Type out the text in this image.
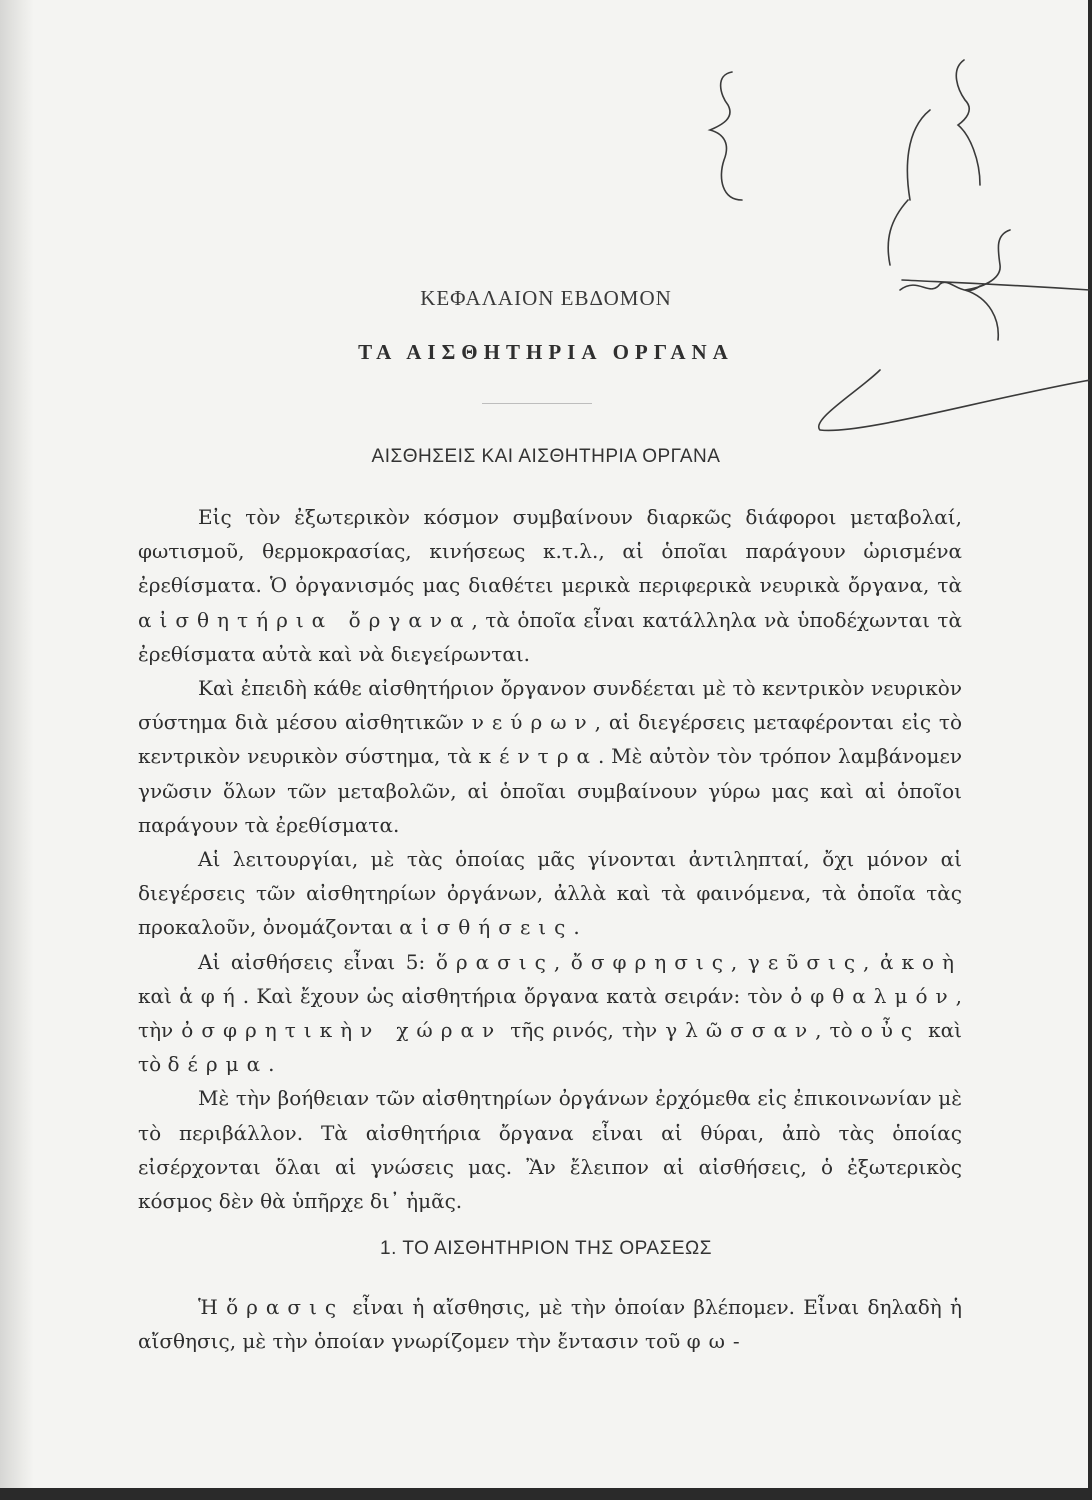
ΚΕΦΑΛΑΙΟΝ ΕΒΔΟΜΟΝ
ΤΑ ΑΙΣΘΗΤΗΡΙΑ ΟΡΓΑΝΑ
ΑΙΣΘΗΣΕΙΣ ΚΑΙ ΑΙΣΘΗΤΗΡΙΑ ΟΡΓΑΝΑ

Εἰς τὸν ἐξωτερικὸν κόσμον συμβαίνουν διαρκῶς διάφοροι μεταβολαί, φωτισμοῦ, θερμοκρασίας, κινήσεως κ.τ.λ., αἱ ὁποῖαι παράγουν ὡρισμένα ἐρεθίσματα. Ὁ ὀργανισμός μας διαθέτει μερικὰ περιφερικὰ νευρικὰ ὄργανα, τὰ αἰσθητήρια ὄργανα, τὰ ὁποῖα εἶναι κατάλληλα νὰ ὑποδέχωνται τὰ ἐρεθίσματα αὐτὰ καὶ νὰ διεγείρωνται.

Καὶ ἐπειδὴ κάθε αἰσθητήριον ὄργανον συνδέεται μὲ τὸ κεντρικὸν νευρικὸν σύστημα διὰ μέσου αἰσθητικῶν νεύρων, αἱ διεγέρσεις μεταφέρονται εἰς τὸ κεντρικὸν νευρικὸν σύστημα, τὰ κέντρα. Μὲ αὐτὸν τὸν τρόπον λαμβάνομεν γνῶσιν ὅλων τῶν μεταβολῶν, αἱ ὁποῖαι συμβαίνουν γύρω μας καὶ αἱ ὁποῖοι παράγουν τὰ ἐρεθίσματα.

Αἱ λειτουργίαι, μὲ τὰς ὁποίας μᾶς γίνονται ἀντιληπταί, ὄχι μόνον αἱ διεγέρσεις τῶν αἰσθητηρίων ὀργάνων, ἀλλὰ καὶ τὰ φαινόμενα, τὰ ὁποῖα τὰς προκαλοῦν, ὀνομάζονται αἰσθήσεις.

Αἱ αἰσθήσεις εἶναι 5: ὅρασις, ὄσφρησις, γεῦσις, ἀκοὴ καὶ ἁφή. Καὶ ἔχουν ὡς αἰσθητήρια ὄργανα κατὰ σειράν: τὸν ὀφθαλμόν, τὴν ὀσφρητικὴν χώραν τῆς ρινός, τὴν γλῶσσαν, τὸ οὖς καὶ τὸ δέρμα.

Μὲ τὴν βοήθειαν τῶν αἰσθητηρίων ὀργάνων ἐρχόμεθα εἰς ἐπικοινωνίαν μὲ τὸ περιβάλλον. Τὰ αἰσθητήρια ὄργανα εἶναι αἱ θύραι, ἀπὸ τὰς ὁποίας εἰσέρχονται ὅλαι αἱ γνώσεις μας. Ἂν ἔλειπον αἱ αἰσθήσεις, ὁ ἐξωτερικὸς κόσμος δὲν θὰ ὑπῆρχε δι᾽ ἡμᾶς.

1. ΤΟ ΑΙΣΘΗΤΗΡΙΟΝ ΤΗΣ ΟΡΑΣΕΩΣ

Ἡ ὅρασις εἶναι ἡ αἴσθησις, μὲ τὴν ὁποίαν βλέπομεν. Εἶναι δηλαδὴ ἡ αἴσθησις, μὲ τὴν ὁποίαν γνωρίζομεν τὴν ἔντασιν τοῦ φω-
